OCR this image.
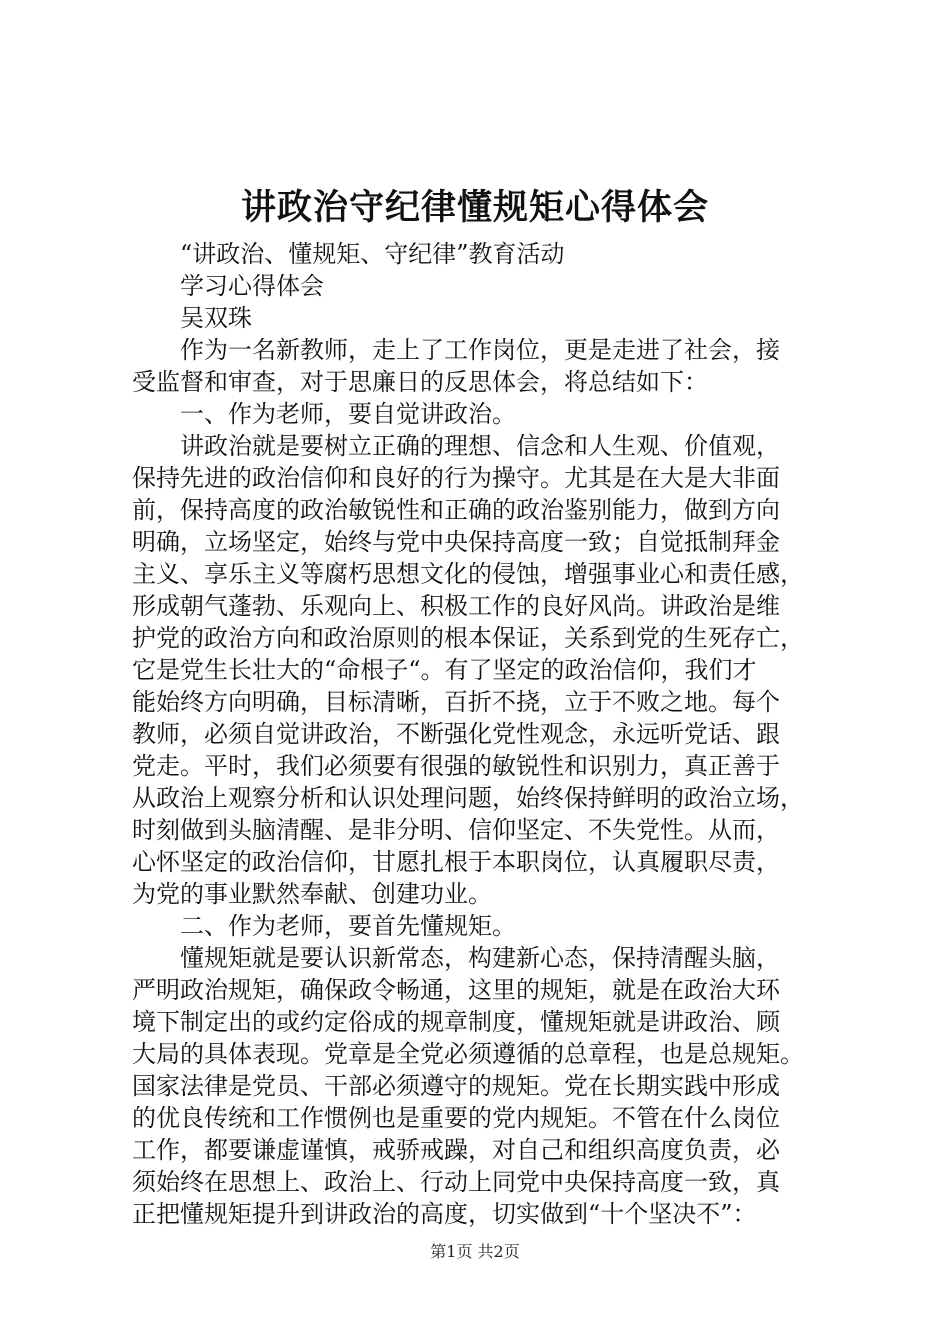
讲政治守纪律懂规矩心得体会
“讲政治、懂规矩、守纪律”教育活动
学习心得体会
吴双珠
作为一名新教师，走上了工作岗位，更是走进了社会，接
受监督和审查，对于思廉日的反思体会，将总结如下：
一、作为老师，要自觉讲政治。
讲政治就是要树立正确的理想、信念和人生观、价值观，
保持先进的政治信仰和良好的行为操守。尤其是在大是大非面
前，保持高度的政治敏锐性和正确的政治鉴别能力，做到方向
明确，立场坚定，始终与党中央保持高度一致；自觉抵制拜金
主义、享乐主义等腐朽思想文化的侵蚀，增强事业心和责任感，
形成朝气蓬勃、乐观向上、积极工作的良好风尚。讲政治是维
护党的政治方向和政治原则的根本保证，关系到党的生死存亡，
它是党生长壮大的“命根子“。有了坚定的政治信仰，我们才
能始终方向明确，目标清晰，百折不挠，立于不败之地。每个
教师，必须自觉讲政治，不断强化党性观念，永远听党话、跟
党走。平时，我们必须要有很强的敏锐性和识别力，真正善于
从政治上观察分析和认识处理问题，始终保持鲜明的政治立场，
时刻做到头脑清醒、是非分明、信仰坚定、不失党性。从而，
心怀坚定的政治信仰，甘愿扎根于本职岗位，认真履职尽责，
为党的事业默然奉献、创建功业。
二、作为老师，要首先懂规矩。
懂规矩就是要认识新常态，构建新心态，保持清醒头脑，
严明政治规矩，确保政令畅通，这里的规矩，就是在政治大环
境下制定出的或约定俗成的规章制度，懂规矩就是讲政治、顾
大局的具体表现。党章是全党必须遵循的总章程，也是总规矩。
国家法律是党员、干部必须遵守的规矩。党在长期实践中形成
的优良传统和工作惯例也是重要的党内规矩。不管在什么岗位
工作，都要谦虚谨慎，戒骄戒躁，对自己和组织高度负责，必
须始终在思想上、政治上、行动上同党中央保持高度一致，真
正把懂规矩提升到讲政治的高度，切实做到“十个坚决不”：
第1页 共2页
